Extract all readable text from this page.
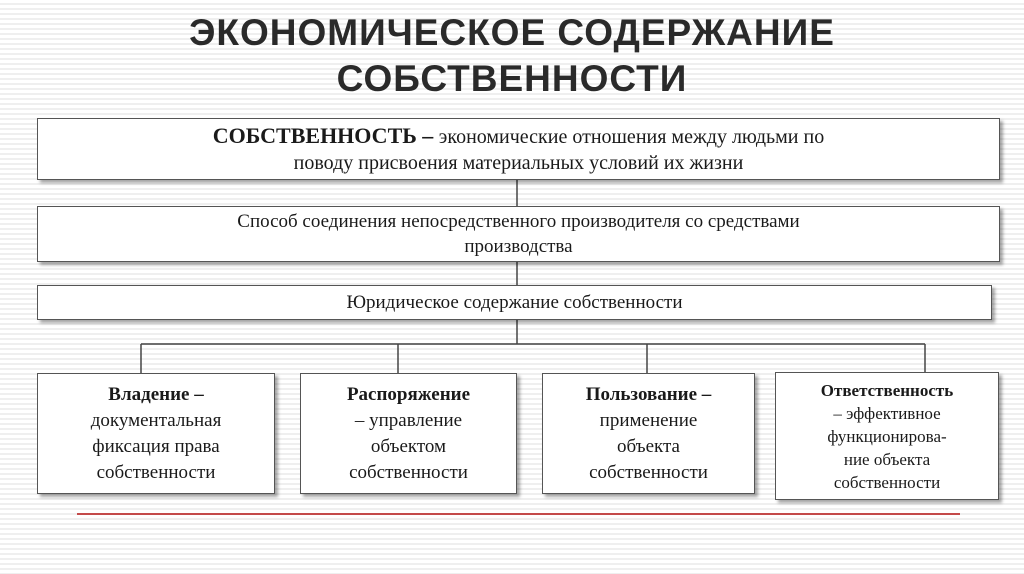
ЭКОНОМИЧЕСКОЕ СОДЕРЖАНИЕ
СОБСТВЕННОСТИ
СОБСТВЕННОСТЬ – экономические отношения между людьми по
поводу присвоения материальных условий их жизни
Способ соединения непосредственного производителя со средствами
производства
Юридическое содержание собственности
Владение –
документальная
фиксация права
собственности
Распоряжение
– управление
объектом
собственности
Пользование –
применение
объекта
собственности
Ответственность
– эффективное
функционирова-
ние объекта
собственности
